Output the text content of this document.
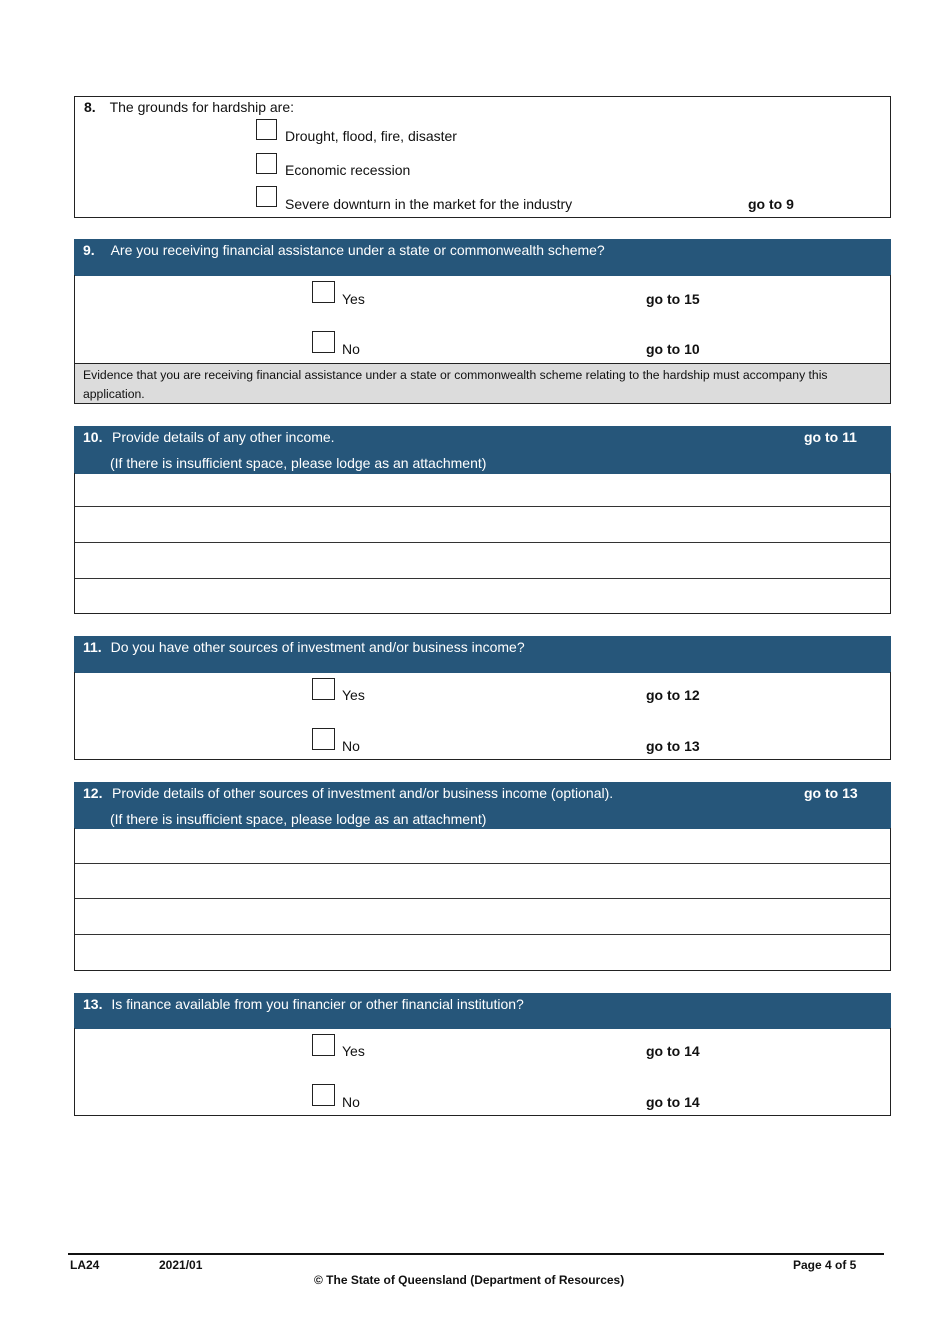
8. The grounds for hardship are:
Drought, flood, fire, disaster
Economic recession
Severe downturn in the market for the industry	go to 9
9. Are you receiving financial assistance under a state or commonwealth scheme?
Yes	go to 15
No	go to 10
Evidence that you are receiving financial assistance under a state or commonwealth scheme relating to the hardship must accompany this application.
10. Provide details of any other income.
(If there is insufficient space, please lodge as an attachment)
go to 11
11. Do you have other sources of investment and/or business income?
Yes	go to 12
No	go to 13
12. Provide details of other sources of investment and/or business income (optional).
(If there is insufficient space, please lodge as an attachment)
go to 13
13. Is finance available from you financier or other financial institution?
Yes	go to 14
No	go to 14
LA24	2021/01	Page 4 of 5
© The State of Queensland (Department of Resources)
